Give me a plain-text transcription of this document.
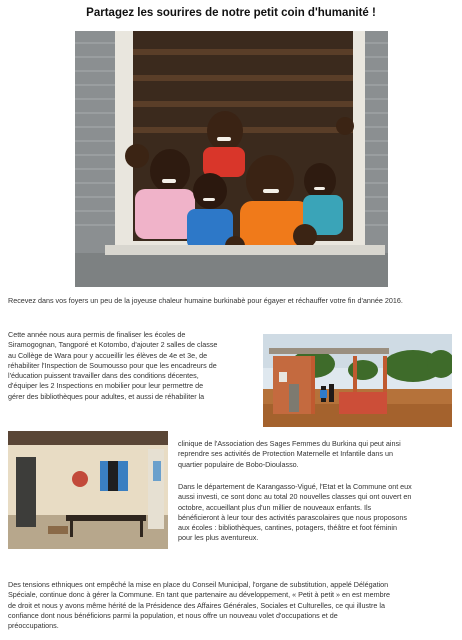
Partagez les sourires de notre petit coin d'humanité !

Recevez dans vos foyers un peu de la joyeuse chaleur humaine burkinabè pour égayer et réchauffer votre fin d'année 2016.

Cette année nous aura permis de finaliser les écoles de

Siramogognan, Tangporé et Kotombo, d'ajouter 2 salles de classe

au Collège de Wara pour y accueillir les élèves de 4e et 3e, de

réhabiliter l'Inspection de Soumousso pour que les encadreurs de

l'éducation puissent travailler dans des conditions décentes,

d'équiper les 2 Inspections en mobilier pour leur permettre de

gérer des bibliothèques pour adultes, et aussi de réhabiliter la

clinique de l'Association des Sages Femmes du Burkina qui peut ainsi

reprendre ses activités de Protection Maternelle et Infantile dans un

quartier populaire de Bobo-Dioulasso.

Dans le département de Karangasso-Vigué, l'Etat et la Commune ont eux

aussi investi, ce sont donc au total 20 nouvelles classes qui ont ouvert en

octobre, accueillant plus d'un millier de nouveaux enfants. Ils

bénéficieront à leur tour des activités parascolaires que nous proposons

aux écoles : bibliothèques, cantines, potagers, théâtre et foot féminin

pour les plus aventureux.

Des tensions ethniques ont empêché la mise en place du Conseil Municipal, l'organe de substitution, appelé Délégation

Spéciale, continue donc à gérer la Commune. En tant que partenaire au développement, « Petit à petit » en est membre

de droit et nous y avons même hérité de la Présidence des Affaires Générales, Sociales et Culturelles, ce qui illustre la

confiance dont nous bénéficions parmi la population, et nous offre un nouveau volet d'occupations et de

préoccupations.
